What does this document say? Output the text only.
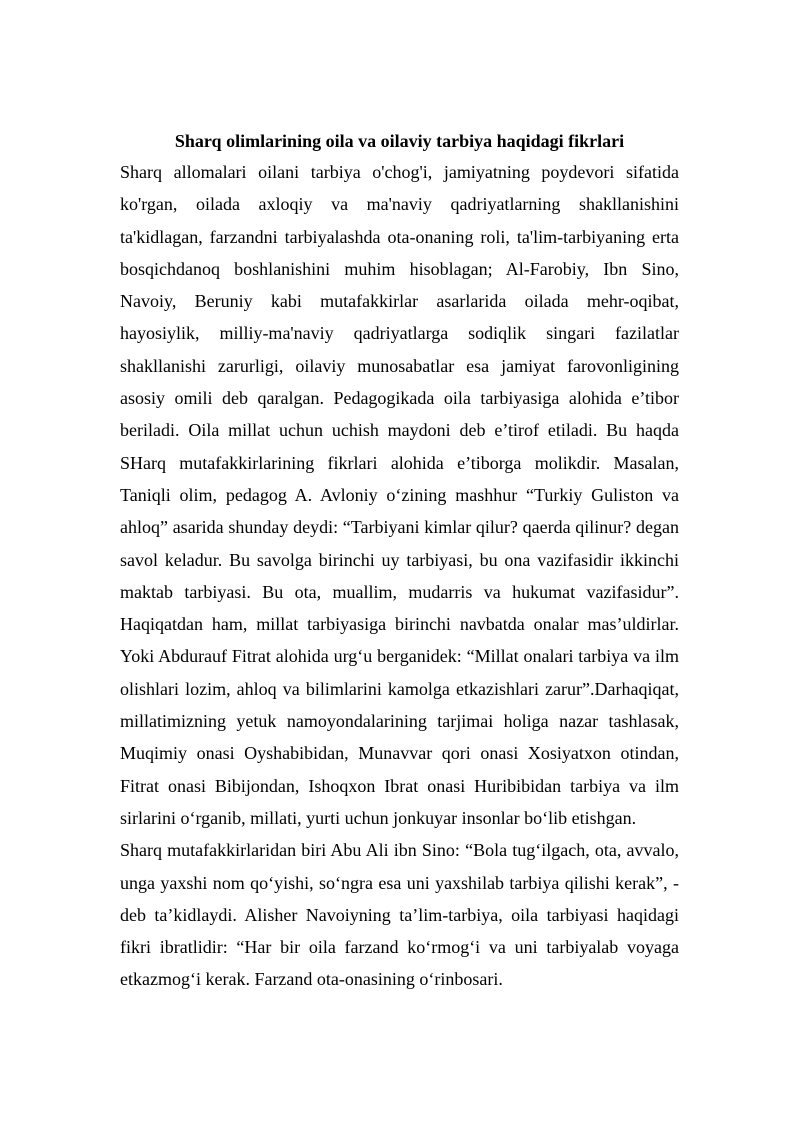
Sharq olimlarining oila va oilaviy tarbiya haqidagi fikrlari

Sharq allomalari oilani tarbiya o'chog'i, jamiyatning poydevori sifatida ko'rgan, oilada axloqiy va ma'naviy qadriyatlarning shakllanishini ta'kidlagan, farzandni tarbiyalashda ota-onaning roli, ta'lim-tarbiyaning erta bosqichdanoq boshlanishini muhim hisoblagan; Al-Farobiy, Ibn Sino, Navoiy, Beruniy kabi mutafakkirlar asarlarida oilada mehr-oqibat, hayosiylik, milliy-ma'naviy qadriyatlarga sodiqlik singari fazilatlar shakllanishi zarurligi, oilaviy munosabatlar esa jamiyat farovonligining asosiy omili deb qaralgan. Pedagogikada oila tarbiyasiga alohida e’tibor beriladi. Oila millat uchun uchish maydoni deb e’tirof etiladi. Bu haqda SHarq mutafakkirlarining fikrlari alohida e’tiborga molikdir. Masalan, Taniqli olim, pedagog A. Avloniy o‘zining mashhur “Turkiy Guliston va ahloq” asarida shunday deydi: “Tarbiyani kimlar qilur? qaerda qilinur? degan savol keladur. Bu savolga birinchi uy tarbiyasi, bu ona vazifasidir ikkinchi maktab tarbiyasi. Bu ota, muallim, mudarris va hukumat vazifasidur”. Haqiqatdan ham, millat tarbiyasiga birinchi navbatda onalar mas’uldirlar. Yoki Abdurauf Fitrat alohida urg‘u berganidek: “Millat onalari tarbiya va ilm olishlari lozim, ahloq va bilimlarini kamolga etkazishlari zarur”.Darhaqiqat, millatimizning yetuk namoyondalarining tarjimai holiga nazar tashlasak, Muqimiy onasi Oyshabibidan, Munavvar qori onasi Xosiyatxon otindan, Fitrat onasi Bibijondan, Ishoqxon Ibrat onasi Huribibidan tarbiya va ilm sirlarini o‘rganib, millati, yurti uchun jonkuyar insonlar bo‘lib etishgan.

Sharq mutafakkirlaridan biri Abu Ali ibn Sino: “Bola tug‘ilgach, ota, avvalo, unga yaxshi nom qo‘yishi, so‘ngra esa uni yaxshilab tarbiya qilishi kerak”, - deb ta’kidlaydi. Alisher Navoiyning ta’lim-tarbiya, oila tarbiyasi haqidagi fikri ibratlidir: “Har bir oila farzand ko‘rmog‘i va uni tarbiyalab voyaga etkazmog‘i kerak. Farzand ota-onasining o‘rinbosari.
